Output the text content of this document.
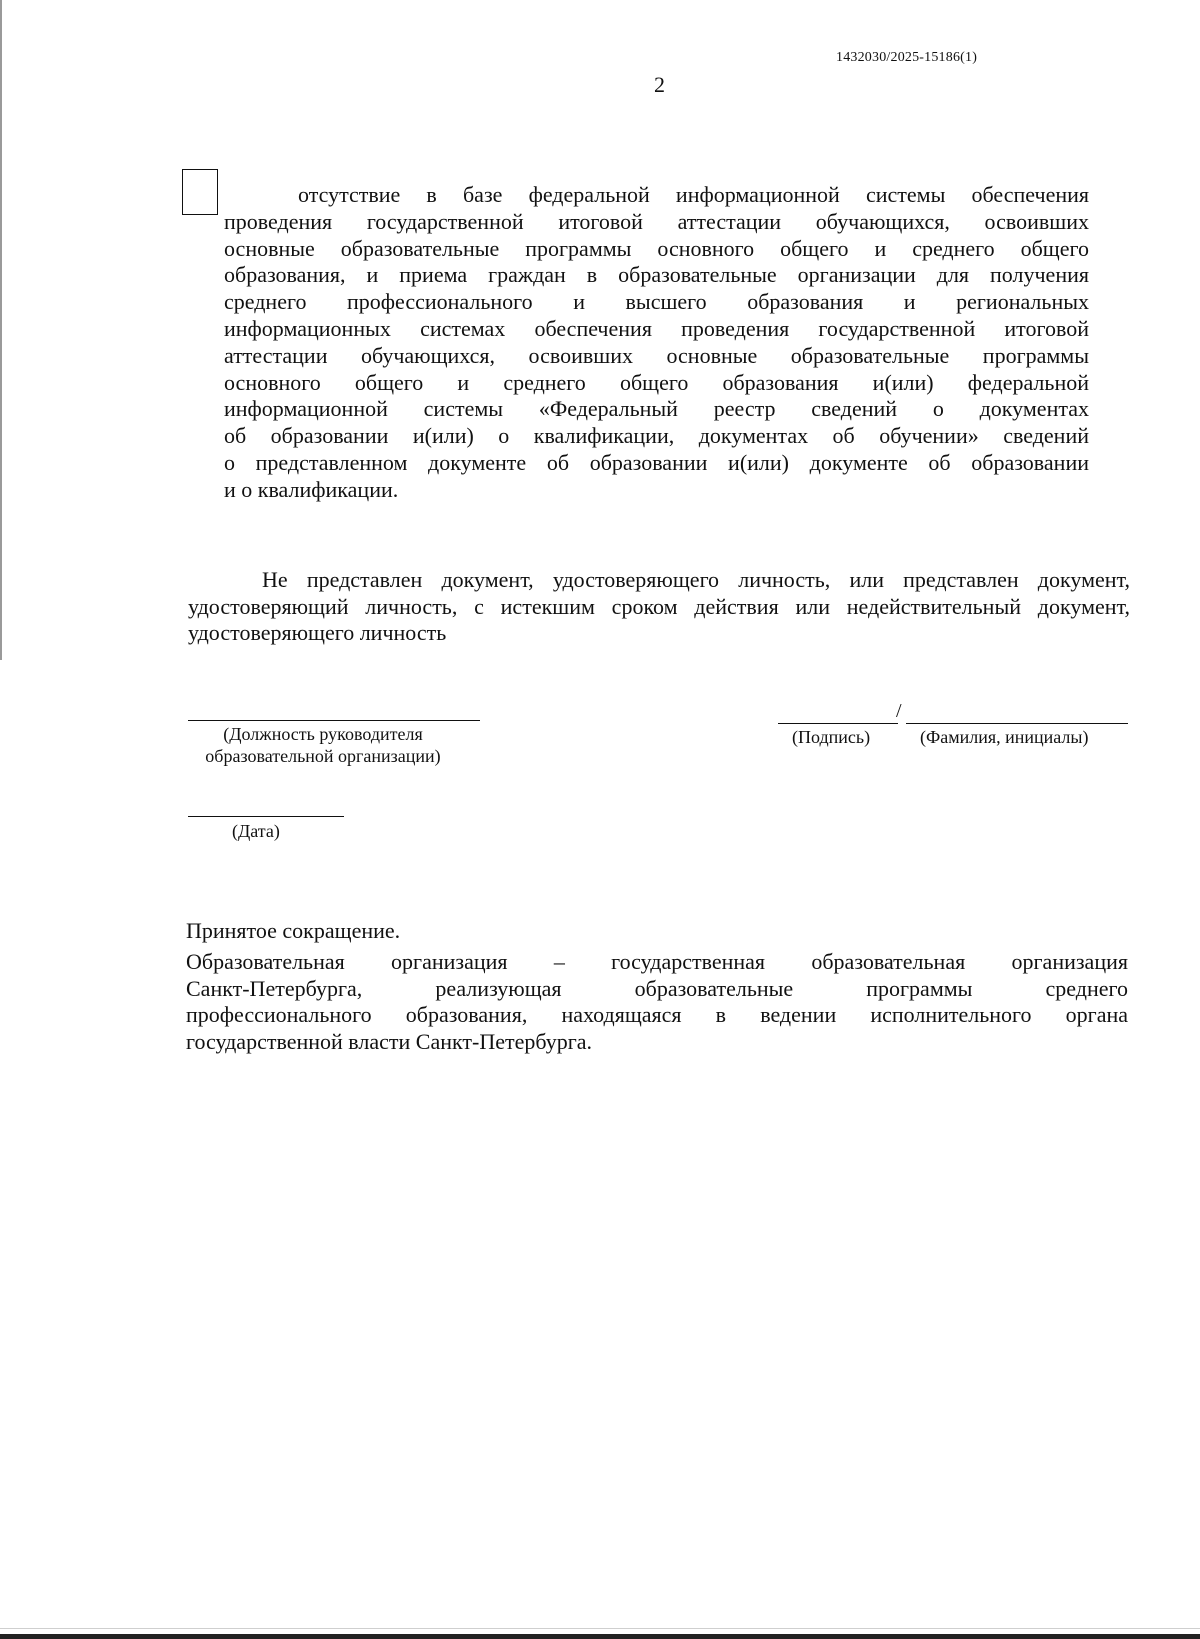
1432030/2025-15186(1)
2
отсутствие в базе федеральной информационной системы обеспечения
проведения государственной итоговой аттестации обучающихся, освоивших
основные образовательные программы основного общего и среднего общего
образования, и приема граждан в образовательные организации для получения
среднего профессионального и высшего образования и региональных
информационных системах обеспечения проведения государственной итоговой
аттестации обучающихся, освоивших основные образовательные программы
основного общего и среднего общего образования и(или) федеральной
информационной системы «Федеральный реестр сведений о документах
об образовании и(или) о квалификации, документах об обучении» сведений
о представленном документе об образовании и(или) документе об образовании
и о квалификации.
Не представлен документ, удостоверяющего личность, или представлен документ,
удостоверяющий личность, с истекшим сроком действия или недействительный документ,
удостоверяющего личность
/
(Должность руководителя
образовательной организации)
(Подпись)	(Фамилия, инициалы)
(Дата)
Принятое сокращение.
Образовательная организация – государственная образовательная организация
Санкт-Петербурга, реализующая образовательные программы среднего
профессионального образования, находящаяся в ведении исполнительного органа
государственной власти Санкт-Петербурга.
